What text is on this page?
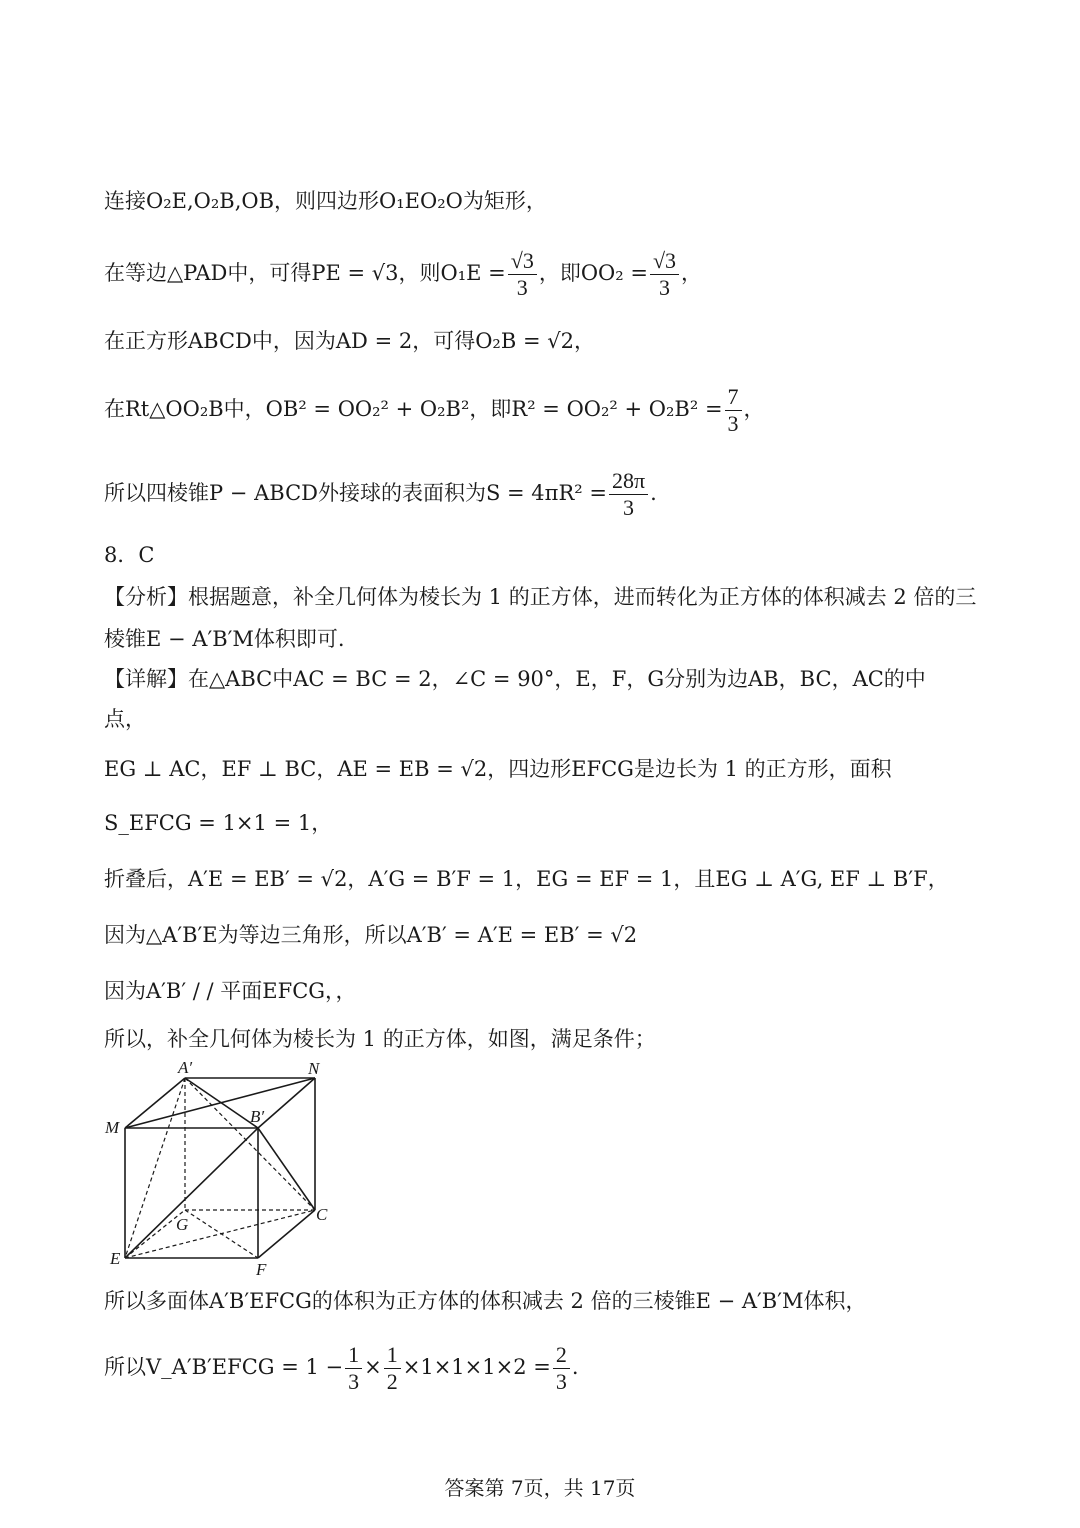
连接O₂E,O₂B,OB，则四边形O₁EO₂O为矩形，
在等边△PAD中，可得PE = √3，则$O_1E = \frac{√3}{3}$ ，即$OO_2 = \frac{√3}{3}$ ，
在正方形ABCD中，因为AD = 2，可得O₂B = √2，
在Rt△OO₂B中，OB² = OO₂² + O₂B²，即$R^2 = OO_2^2 + O_2B^2 = \frac{7}{3}$ ，
所以四棱锥P − ABCD外接球的表面积为$S = 4\pi R^2 = \frac{28\pi}{3}$ .
8．C
【分析】根据题意，补全几何体为棱长为 1 的正方体，进而转化为正方体的体积减去 2 倍的三
棱锥E − A′B′M体积即可.
【详解】在△ABC中AC = BC = 2，∠C = 90°，E，F，G分别为边AB，BC，AC的中
点，
EG ⊥ AC，EF ⊥ BC，AE = EB = √2，四边形EFCG是边长为 1 的正方形，面积
S_EFCG = 1×1 = 1，
折叠后，A′E = EB′ = √2，A′G = B′F = 1，EG = EF = 1，且EG ⊥ A′G, EF ⊥ B′F，
因为△A′B′E为等边三角形，所以A′B′ = A′E = EB′ = √2
因为A′B′ / / 平面EFCG，，
所以，补全几何体为棱长为 1 的正方体，如图，满足条件；
A′	N
M
B′
C
G
E
F
所以多面体A′B′EFCG的体积为正方体的体积减去 2 倍的三棱锥E − A′B′M体积，
所以V_A′B′EFCG = $1 - \frac{1}{3} \times \frac{1}{2} \times 1\times 1\times 1\times 2 = \frac{2}{3}$ .
答案第 7页，共 17页
